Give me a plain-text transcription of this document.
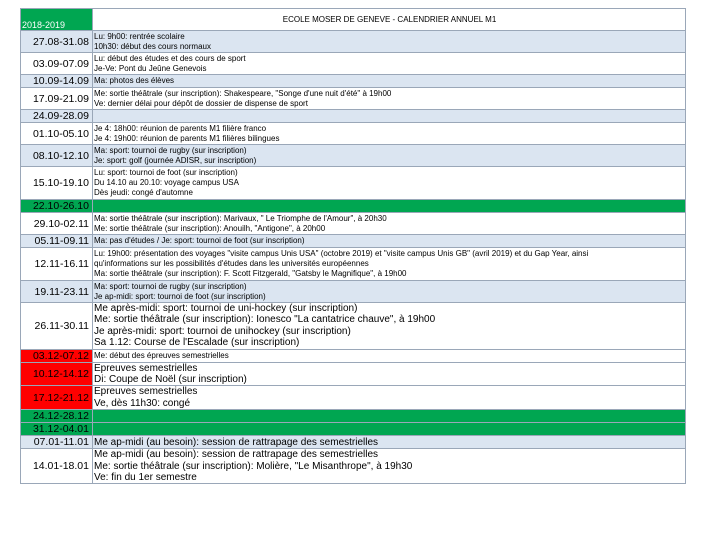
2018-2019	ECOLE MOSER DE GENEVE - CALENDRIER ANNUEL M1
27.08-31.08	Lu: 9h00: rentrée scolaire
10h30: début des cours normaux

03.09-07.09	Lu: début des études et des cours de sport
Je-Ve: Pont du Jeûne Genevois

10.09-14.09	Ma: photos des élèves

17.09-21.09	Me: sortie théâtrale (sur inscription): Shakespeare, "Songe d'une nuit d'été" à 19h00
Ve: dernier délai pour dépôt de dossier de dispense de sport

24.09-28.09	

01.10-05.10	Je 4: 18h00: réunion de parents M1 filière franco
Je 4: 19h00: réunion de parents M1 filières bilingues

08.10-12.10	Ma: sport: tournoi de rugby (sur inscription)
Je: sport: golf (journée ADISR, sur inscription)

15.10-19.10	Lu: sport: tournoi de foot (sur inscription)
Du 14.10 au 20.10: voyage campus USA
Dès jeudi: congé d'automne

22.10-26.10	

29.10-02.11	Ma: sortie théâtrale (sur inscription): Marivaux, " Le Triomphe de l'Amour", à 20h30
Me: sortie théâtrale (sur inscription): Anouilh, "Antigone", à 20h00

05.11-09.11	Ma: pas d'études / Je: sport: tournoi de foot (sur inscription)

12.11-16.11	Lu: 19h00: présentation des voyages "visite campus Unis USA" (octobre 2019) et "visite campus Unis GB" (avril 2019) et du Gap Year, ainsi
qu'informations sur les possibilités d'études dans les universités européennes
Ma: sortie théâtrale (sur inscription): F. Scott Fitzgerald, "Gatsby le Magnifique", à 19h00

19.11-23.11	Ma: sport: tournoi de rugby (sur inscription)
Je ap-midi: sport: tournoi de foot (sur inscription)

26.11-30.11	Me après-midi: sport: tournoi de uni-hockey (sur inscription)
Me: sortie théâtrale (sur inscription): Ionesco "La cantatrice chauve", à 19h00
Je après-midi: sport: tournoi de unihockey (sur inscription)
Sa 1.12: Course de l'Escalade (sur inscription)

03.12-07.12	Me: début des épreuves semestrielles

10.12-14.12	Epreuves semestrielles
Di: Coupe de Noël (sur inscription)

17.12-21.12	Epreuves semestrielles
Ve, dès 11h30: congé

24.12-28.12	

31.12-04.01	

07.01-11.01	Me ap-midi (au besoin): session de rattrapage des semestrielles

14.01-18.01	Me ap-midi (au besoin): session de rattrapage des semestrielles
Me: sortie théâtrale (sur inscription): Molière, "Le Misanthrope", à 19h30
Ve: fin du 1er semestre
